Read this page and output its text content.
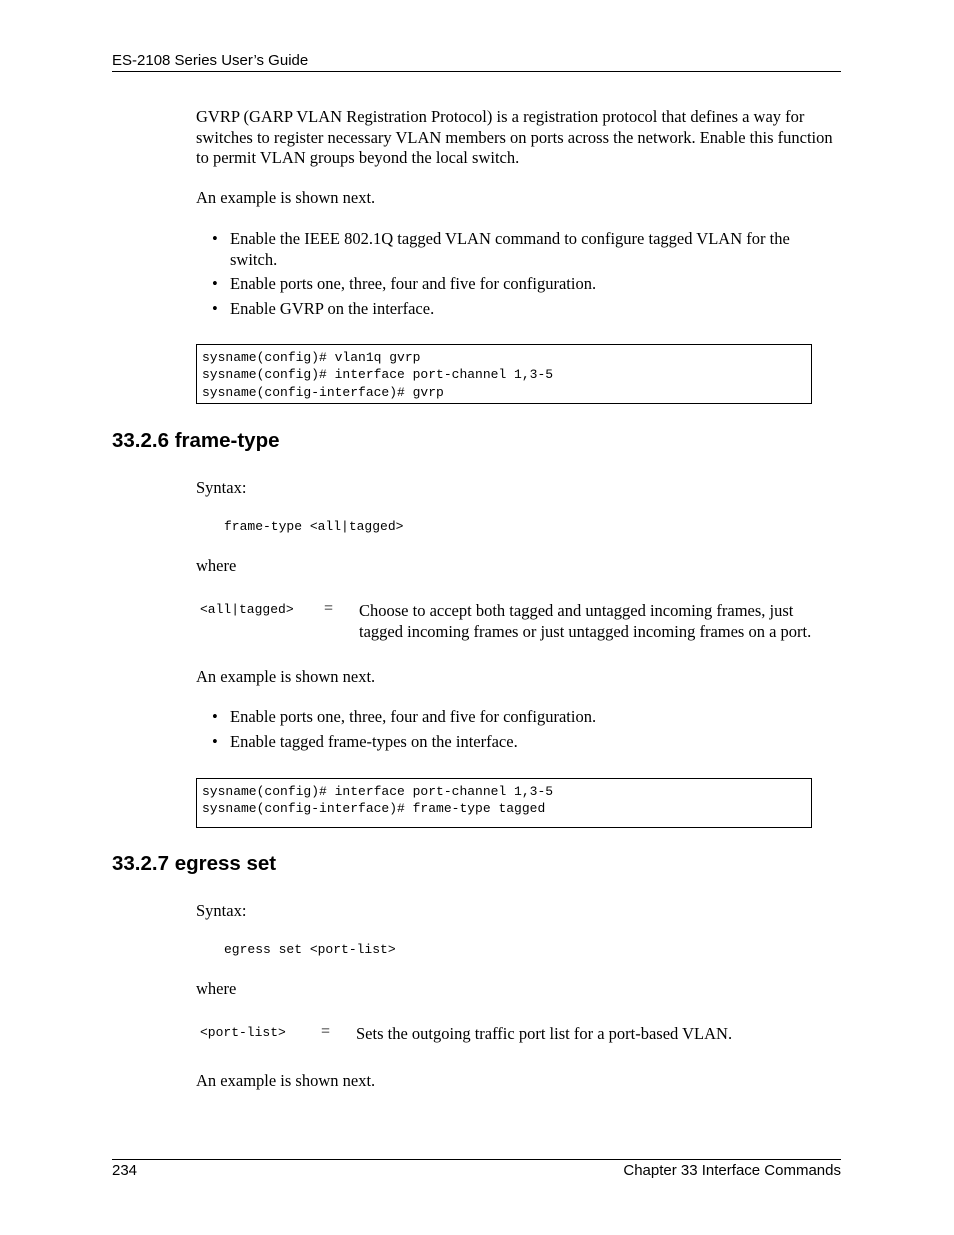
ES-2108 Series User’s Guide
GVRP (GARP VLAN Registration Protocol) is a registration protocol that defines a way for switches to register necessary VLAN members on ports across the network. Enable this function to permit VLAN groups beyond the local switch.
An example is shown next.
• Enable the IEEE 802.1Q tagged VLAN command to configure tagged VLAN for the switch.
• Enable ports one, three, four and five for configuration.
• Enable GVRP on the interface.
sysname(config)# vlan1q gvrp
sysname(config)# interface port-channel 1,3-5
sysname(config-interface)# gvrp
33.2.6 frame-type
Syntax:
frame-type <all|tagged>
where
<all|tagged> = Choose to accept both tagged and untagged incoming frames, just tagged incoming frames or just untagged incoming frames on a port.
An example is shown next.
• Enable ports one, three, four and five for configuration.
• Enable tagged frame-types on the interface.
sysname(config)# interface port-channel 1,3-5
sysname(config-interface)# frame-type tagged
33.2.7 egress set
Syntax:
egress set <port-list>
where
<port-list> = Sets the outgoing traffic port list for a port-based VLAN.
An example is shown next.
234	Chapter 33 Interface Commands
